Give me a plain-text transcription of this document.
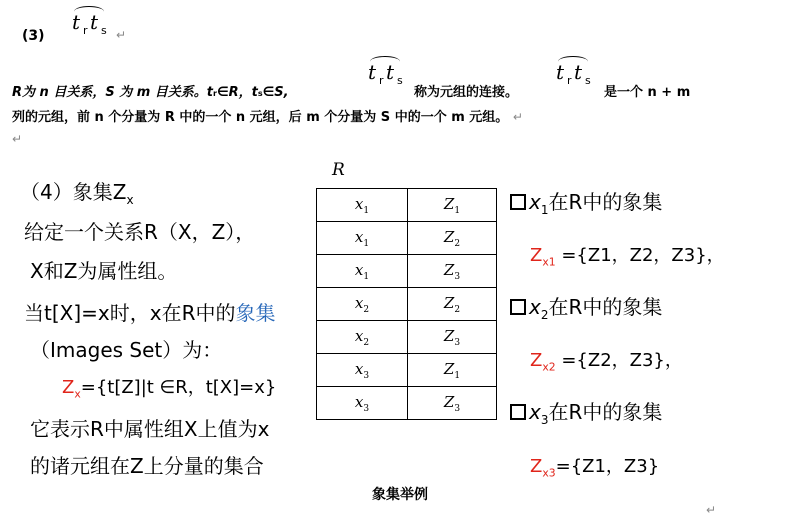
(3)
t r t s ↵
R为 n 目关系，S 为 m 目关系。tr∈R，ts∈S,
t r t s
称为元组的连接。
t r t s
是一个 n + m
列的元组，前 n 个分量为 R 中的一个 n 元组，后 m 个分量为 S 中的一个 m 元组。 ↵
↵
（4）象集$Z_x$
给定一个关系R（X，Z），
X和Z为属性组。
当t[X]=x时，x在R中的象集
（Images Set）为：
$Z_x=\{t[Z]|t$ ∈R，t[X]=x}
它表示R中属性组X上值为x
的诸元组在Z上分量的集合
R
$x_1$	$Z_1$
$x_1$	$Z_2$
$x_1$	$Z_3$
$x_2$	$Z_2$
$x_2$	$Z_3$
$x_3$	$Z_1$
$x_3$	$Z_3$
象集举例
$x_1$在R中的象集
$Z_{x1} =\{Z1$，Z2，Z3}，
$x_2$在R中的象集
$Z_{x2} =\{Z2$，Z3}，
$x_3$在R中的象集
$Z_{x3}=\{Z1$，Z3}
↵
